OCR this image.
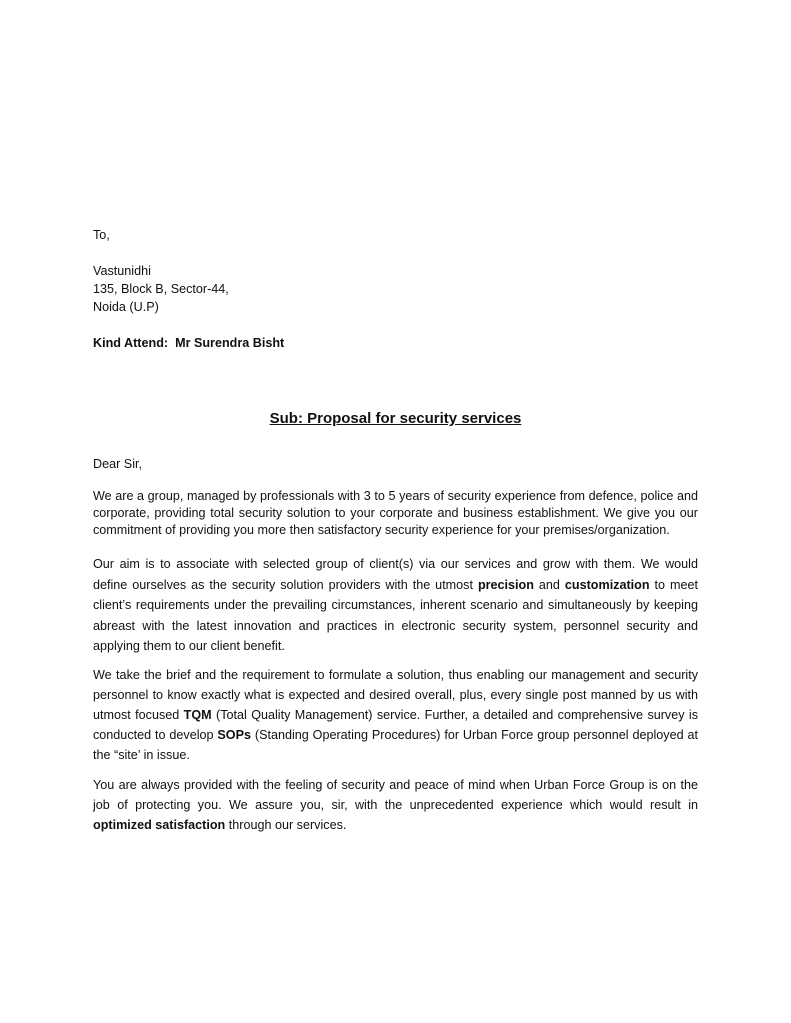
To,

Vastunidhi
135, Block B, Sector-44,
Noida (U.P)

Kind Attend:  Mr Surendra Bisht

Sub: Proposal for security services

Dear Sir,

We are a group, managed by professionals with 3 to 5 years of security experience from defence, police and corporate, providing total security solution to your corporate and business establishment. We give you our commitment of providing you more then satisfactory security experience for your premises/organization.

Our aim is to associate with selected group of client(s) via our services and grow with them. We would define ourselves as the security solution providers with the utmost precision and customization to meet client’s requirements under the prevailing circumstances, inherent scenario and simultaneously by keeping abreast with the latest innovation and practices in electronic security system, personnel security and applying them to our client benefit.

We take the brief and the requirement to formulate a solution, thus enabling our management and security personnel to know exactly what is expected and desired overall, plus, every single post manned by us with utmost focused TQM (Total Quality Management) service. Further, a detailed and comprehensive survey is conducted to develop SOPs (Standing Operating Procedures) for Urban Force group personnel deployed at the “site’ in issue.

You are always provided with the feeling of security and peace of mind when Urban Force Group is on the job of protecting you. We assure you, sir, with the unprecedented experience which would result in optimized satisfaction through our services.
